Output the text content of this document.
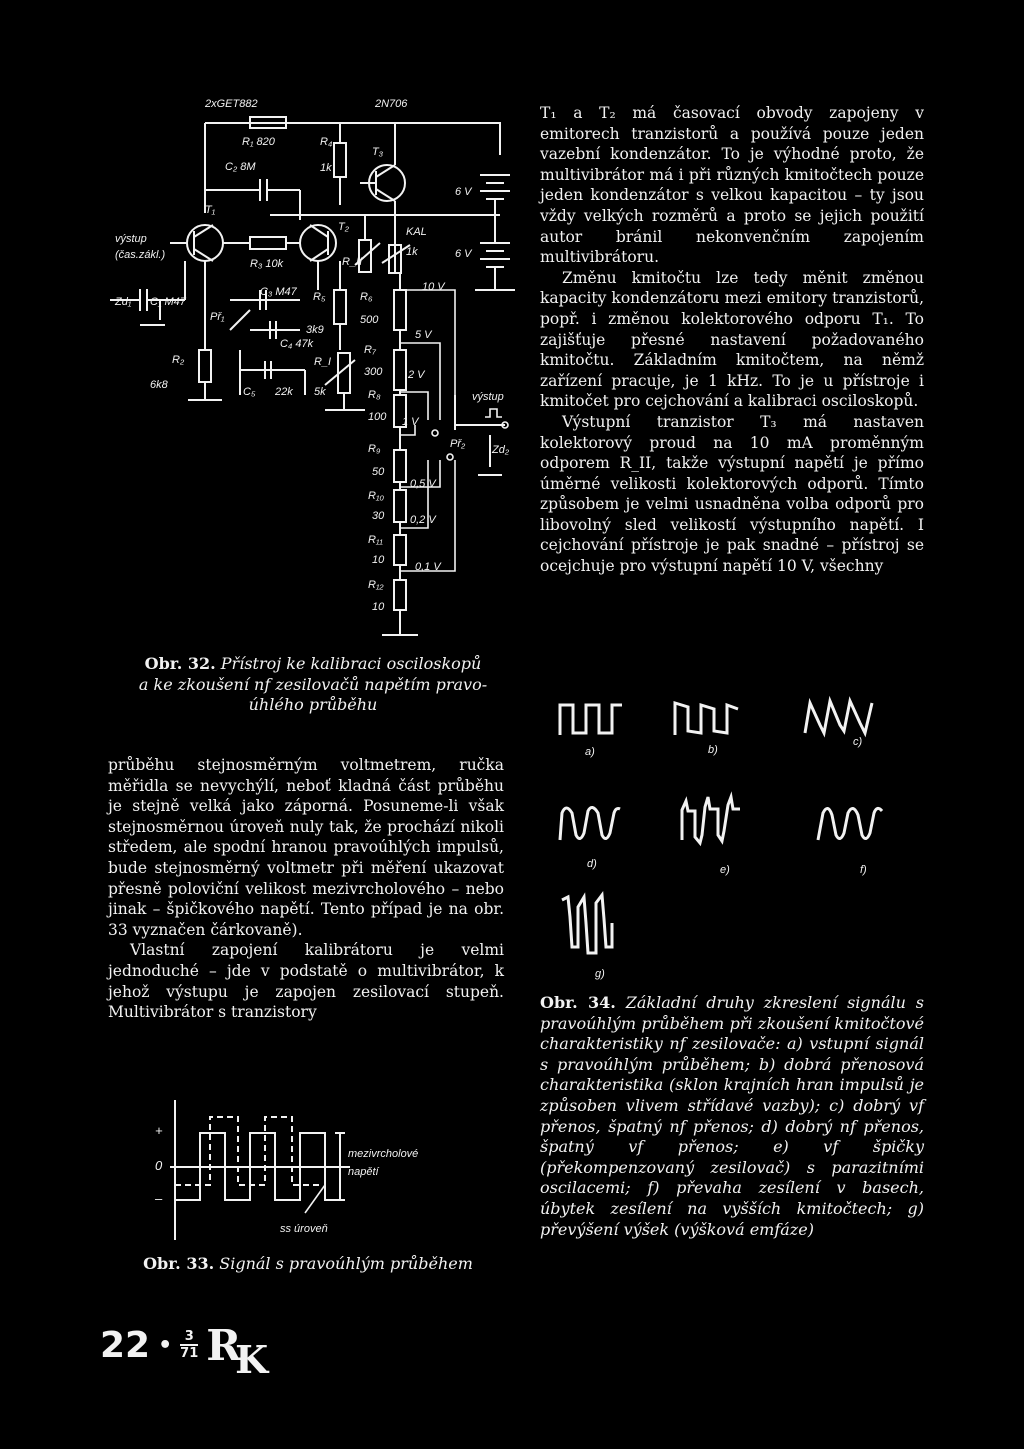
2xGET882	2N706
R₁ 820	R₄
1k
C₂ 8M
T₁
T₂
T₃
R₃ 10k
výstup
(čas.zákl.)
Zd₁ C₁ M47
Př₁
C₃ M47
C₄ 47k
C₅ 22k
R₂
6k8
R₅
3k9
R_I
5k
R_II
KAL
1k
6 V
6 V
R₆
500
R₇
300
R₈
100
R₉
50
R₁₀
30
R₁₁
10
R₁₂
10
10 V
5 V
2 V
1 V
0,5 V
0,2 V
0,1 V
Př₂ Zd₂
výstup
Obr. 32. Přístroj ke kalibraci osciloskopů
a ke zkoušení nf zesilovačů napětím pravo-
úhlého průběhu

průběhu stejnosměrným voltmetrem, ručka měřidla se nevychýlí, neboť kladná část průběhu je stejně velká jako záporná. Posuneme-li však stejnosměrnou úroveň nuly tak, že prochází nikoli středem, ale spodní hranou pravoúhlých impulsů, bude stejnosměrný voltmetr při měření ukazovat přesně poloviční velikost mezivrcholového – nebo jinak – špičkového napětí. Tento případ je na obr. 33 vyznačen čárkovaně).

Vlastní zapojení kalibrátoru je velmi jednoduché – jde v podstatě o multivibrátor, k jehož výstupu je zapojen zesilovací stupeň. Multivibrátor s tranzistory

+
0
–
mezivrcholové
napětí
ss úroveň
Obr. 33. Signál s pravoúhlým průběhem

T₁ a T₂ má časovací obvody zapojeny v emitorech tranzistorů a používá pouze jeden vazební kondenzátor. To je výhodné proto, že multivibrátor má i při různých kmitočtech pouze jeden kondenzátor s velkou kapacitou – ty jsou vždy velkých rozměrů a proto se jejich použití autor bránil nekonvenčním zapojením multivibrátoru.

Změnu kmitočtu lze tedy měnit změnou kapacity kondenzátoru mezi emitory tranzistorů, popř. i změnou kolektorového odporu T₁. To zajišťuje přesné nastavení požadovaného kmitočtu. Základním kmitočtem, na němž zařízení pracuje, je 1 kHz. To je u přístroje i kmitočet pro cejchování a kalibraci osciloskopů.

Výstupní tranzistor T₃ má nastaven kolektorový proud na 10 mA proměnným odporem R_II, takže výstupní napětí je přímo úměrné velikosti kolektorových odporů. Tímto způsobem je velmi usnadněna volba odporů pro libovolný sled velikostí výstupního napětí. I cejchování přístroje je pak snadné – přístroj se ocejchuje pro výstupní napětí 10 V, všechny

a)	b)
c)
d)	e)	f)
g)
Obr. 34. Základní druhy zkreslení signálu s pravoúhlým průběhem při zkoušení kmitočtové charakteristiky nf zesilovače: a) vstupní signál s pravoúhlým průběhem; b) dobrá přenosová charakteristika (sklon krajních hran impulsů je způsoben vlivem střídavé vazby); c) dobrý vf přenos, špatný nf přenos; d) dobrý nf přenos, špatný vf přenos; e) vf špičky (překompenzovaný zesilovač) s parazitními oscilacemi; f) převaha zesílení v basech, úbytek zesílení na vyšších kmitočtech; g) převýšení výšek (výšková emfáze)
22 • 3
71 R
K
